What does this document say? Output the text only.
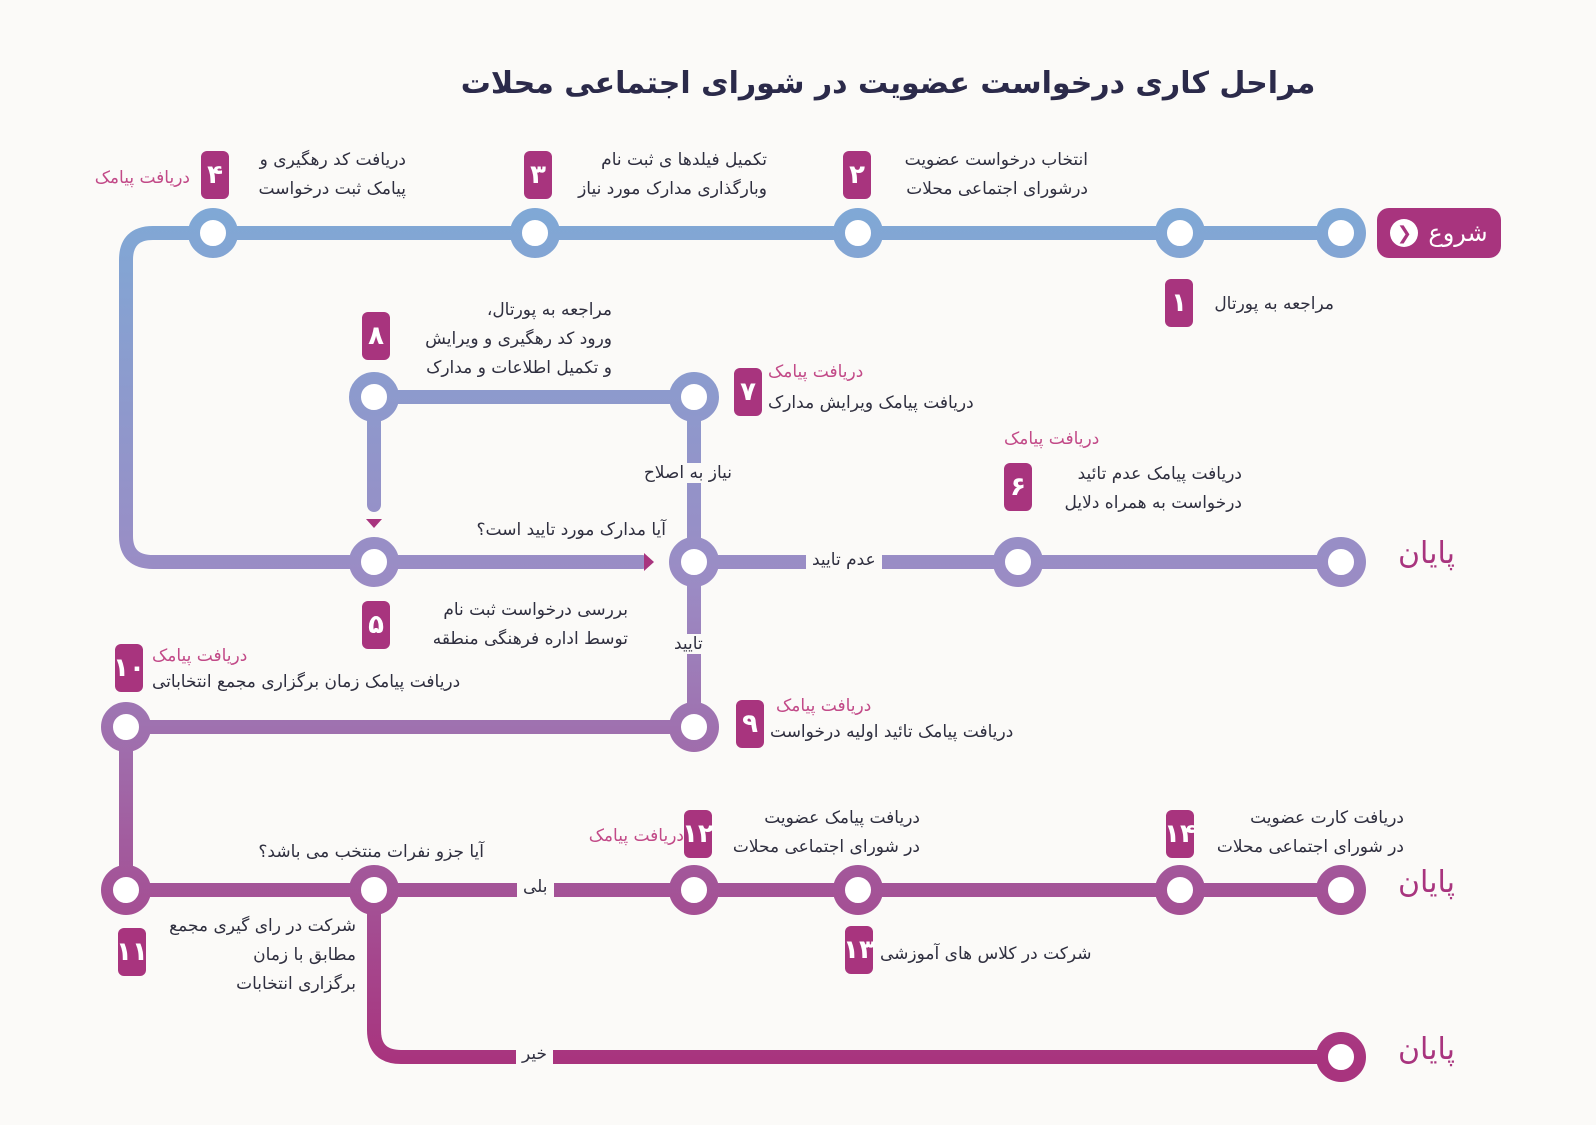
مراحل کاری درخواست عضویت در شورای اجتماعی محلات
شروع
❮
پایان
پایان
پایان
۱	مراجعه به پورتال
۲	انتخاب درخواست عضویت
درشورای اجتماعی محلات
۳	تکمیل فیلدها ی ثبت نام
وبارگذاری مدارک مورد نیاز
۴	دریافت کد رهگیری و
پیامک ثبت درخواست
دریافت پیامک
۸
مراجعه به پورتال،
ورود کد رهگیری و ویرایش
و تکمیل اطلاعات و مدارک
۷
دریافت پیامک
دریافت پیامک ویرایش مدارک
دریافت پیامک
۶	دریافت پیامک عدم تائید
درخواست به همراه دلایل
آیا مدارک مورد تایید است؟
نیاز به اصلاح
عدم تایید
تایید
۵	بررسی درخواست ثبت نام
توسط اداره فرهنگی منطقه
۱۰ دریافت پیامک
دریافت پیامک زمان برگزاری مجمع انتخاباتی
دریافت پیامک
۹ دریافت پیامک تائید اولیه درخواست
دریافت پیامک
۱۲
دریافت پیامک عضویت
در شورای اجتماعی محلات	۱۴
دریافت کارت عضویت
در شورای اجتماعی محلات
آیا جزو نفرات منتخب می باشد؟
بلی
۱۱
شرکت در رای گیری مجمع
مطابق با زمان
برگزاری انتخابات
۱۳ شرکت در کلاس های آموزشی
خیر
